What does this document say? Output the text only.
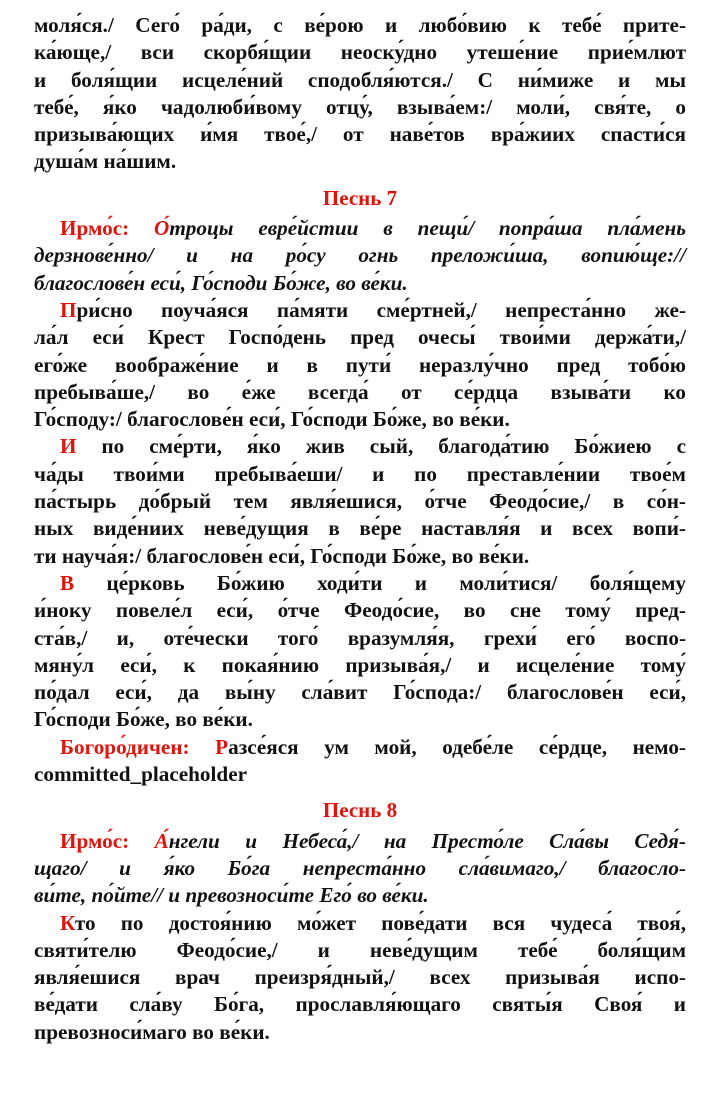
моля́ся./ Сего́ ра́ди, с ве́рою и любо́вию к тебе́ прите-
ка́юще,/ вси скорбя́щии неоску́дно утеше́ние прие́млют
и боля́щии исцеле́ний сподобля́ются./ С ни́миже и мы
тебе́, я́ко чадолюби́вому отцу́, взыва́ем:/ моли́, свя́те, о
призыва́ющих и́мя твое́,/ от наве́тов вра́жиих спасти́ся
душа́м на́шим.
Песнь 7
Ирмо́с: О́троцы евре́йстии в пещи́/ попра́ша пла́мень
дерзнове́нно/ и на ро́су огнь преложи́ша, вопию́ще://
благослове́н еси́, Го́споди Бо́же, во ве́ки.
При́сно поуча́яся па́мяти сме́ртней,/ непреста́нно же-
ла́л еси́ Крест Госпо́день пред очесы́ твои́ми держа́ти,/
его́же воображе́ние и в пути́ неразлу́чно пред тобо́ю
пребыва́ше,/ во е́же всегда́ от се́рдца взыва́ти ко
Го́споду:/ благослове́н еси́, Го́споди Бо́же, во ве́ки.
И по сме́рти, я́ко жив сый, благода́тию Бо́жиею с
ча́ды твои́ми пребыва́еши/ и по преставле́нии твое́м
па́стырь до́брый тем явля́ешися, о́тче Феодо́сие,/ в со́н-
ных виде́ниих неве́дущия в ве́ре наставля́я и всех вопи́-
ти науча́я:/ благослове́н еси́, Го́споди Бо́же, во ве́ки.
В це́рковь Бо́жию ходи́ти и моли́тися/ боля́щему
и́ноку повеле́л еси́, о́тче Феодо́сие, во сне тому́ пред-
ста́в,/ и, оте́чески того́ вразумля́я, грехи́ его́ воспо-
мяну́л еси́, к покая́нию призыва́я,/ и исцеле́ние тому́
по́дал еси́, да вы́ну сла́вит Го́спода:/ благослове́н еси́,
Го́споди Бо́же, во ве́ки.
Богоро́дичен: Разсе́яся ум мой, одебе́ле се́рдце, немо-
committed_placeholder
Песнь 8
Ирмо́с: А́нгели и Небеса́,/ на Престо́ле Сла́вы Седя́-
щаго/ и я́ко Бо́га непреста́нно сла́вимаго,/ благосло-
ви́те, по́йте// и превозноси́те Его́ во ве́ки.
Кто по достоя́нию мо́жет пове́дати вся чудеса́ твоя́,
святи́телю Феодо́сие,/ и неве́дущим тебе́ боля́щим
явля́ешися врач преизря́дный,/ всех призыва́я испо-
ве́дати сла́ву Бо́га, прославля́ющаго святы́я Своя́ и
превозноси́маго во ве́ки.
